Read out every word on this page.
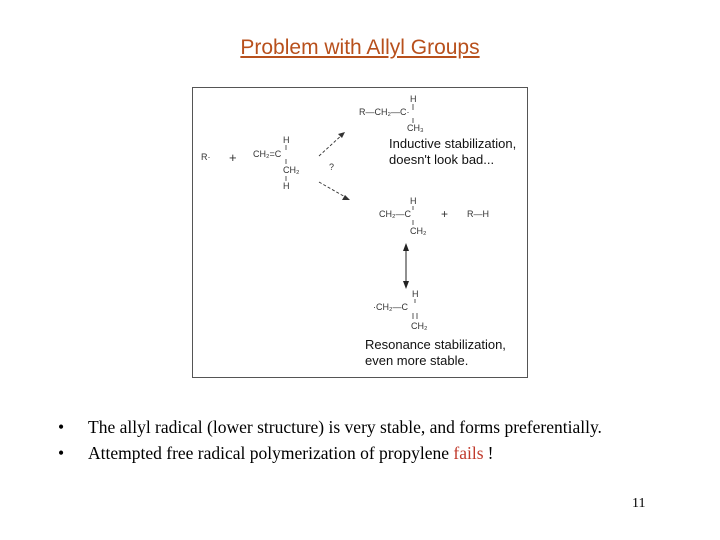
Problem with Allyl Groups
H
R—CH₂—C·
CH₃
R· +
H
CH₂=C
CH₂
H
?
Inductive stabilization,
doesn't look bad...
H
CH₂—C	+ R—H
CH₂
H
·CH₂—C
CH₂
Resonance stabilization,
even more stable.
•	The allyl radical (lower structure) is very stable, and forms preferentially.
•	Attempted free radical polymerization of propylene fails !
11
